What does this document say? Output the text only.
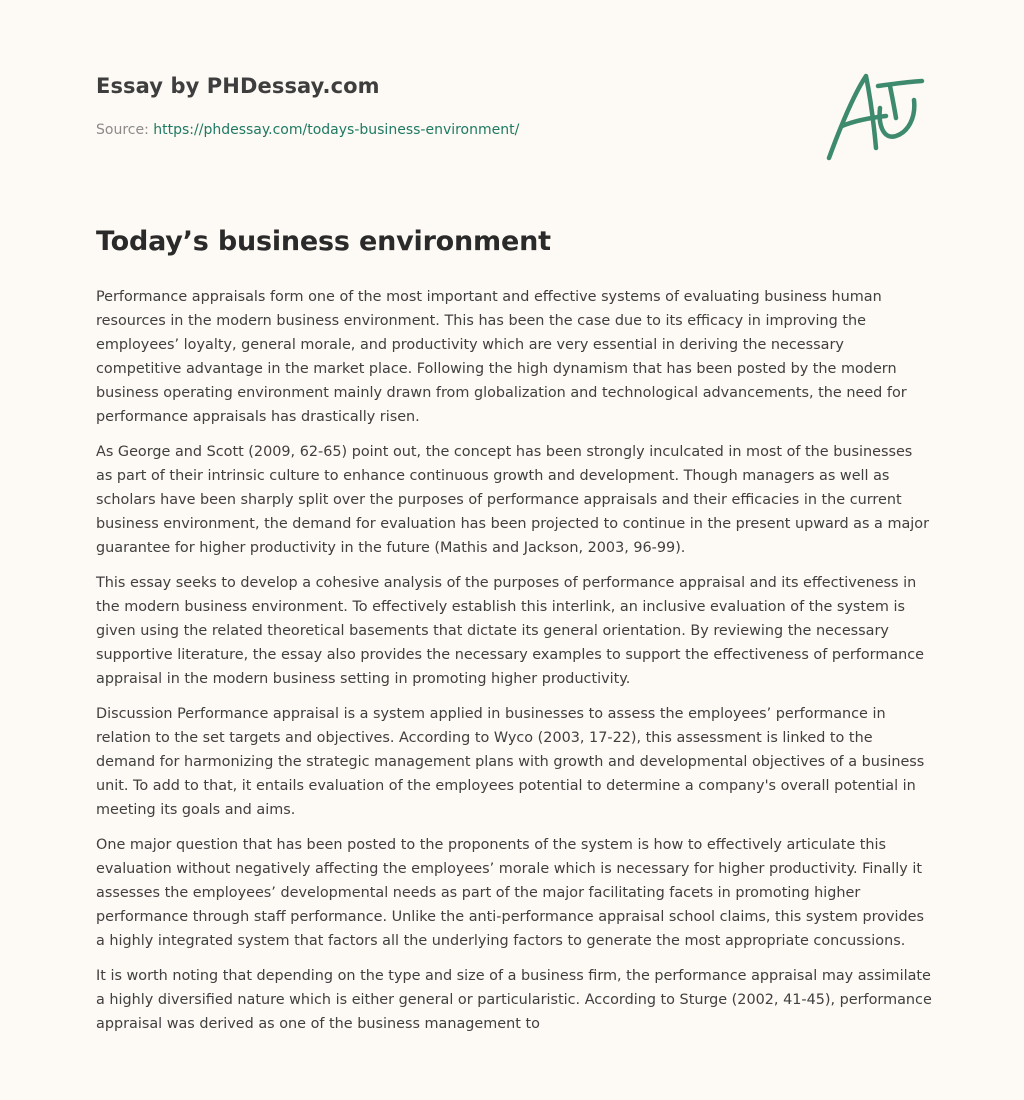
Essay by PHDessay.com
Source: https://phdessay.com/todays-business-environment/
Today’s business environment

Performance appraisals form one of the most important and effective systems of evaluating business human resources in the modern business environment. This has been the case due to its efficacy in improving the employees’ loyalty, general morale, and productivity which are very essential in deriving the necessary competitive advantage in the market place. Following the high dynamism that has been posted by the modern business operating environment mainly drawn from globalization and technological advancements, the need for performance appraisals has drastically risen.

As George and Scott (2009, 62-65) point out, the concept has been strongly inculcated in most of the businesses as part of their intrinsic culture to enhance continuous growth and development. Though managers as well as scholars have been sharply split over the purposes of performance appraisals and their efficacies in the current business environment, the demand for evaluation has been projected to continue in the present upward as a major guarantee for higher productivity in the future (Mathis and Jackson, 2003, 96-99).

This essay seeks to develop a cohesive analysis of the purposes of performance appraisal and its effectiveness in the modern business environment. To effectively establish this interlink, an inclusive evaluation of the system is given using the related theoretical basements that dictate its general orientation. By reviewing the necessary supportive literature, the essay also provides the necessary examples to support the effectiveness of performance appraisal in the modern business setting in promoting higher productivity.

Discussion Performance appraisal is a system applied in businesses to assess the employees’ performance in relation to the set targets and objectives. According to Wyco (2003, 17-22), this assessment is linked to the demand for harmonizing the strategic management plans with growth and developmental objectives of a business unit. To add to that, it entails evaluation of the employees potential to determine a company's overall potential in meeting its goals and aims.

One major question that has been posted to the proponents of the system is how to effectively articulate this evaluation without negatively affecting the employees’ morale which is necessary for higher productivity. Finally it assesses the employees’ developmental needs as part of the major facilitating facets in promoting higher performance through staff performance. Unlike the anti-performance appraisal school claims, this system provides a highly integrated system that factors all the underlying factors to generate the most appropriate concussions.

It is worth noting that depending on the type and size of a business firm, the performance appraisal may assimilate a highly diversified nature which is either general or particularistic. According to Sturge (2002, 41-45), performance appraisal was derived as one of the business management to
